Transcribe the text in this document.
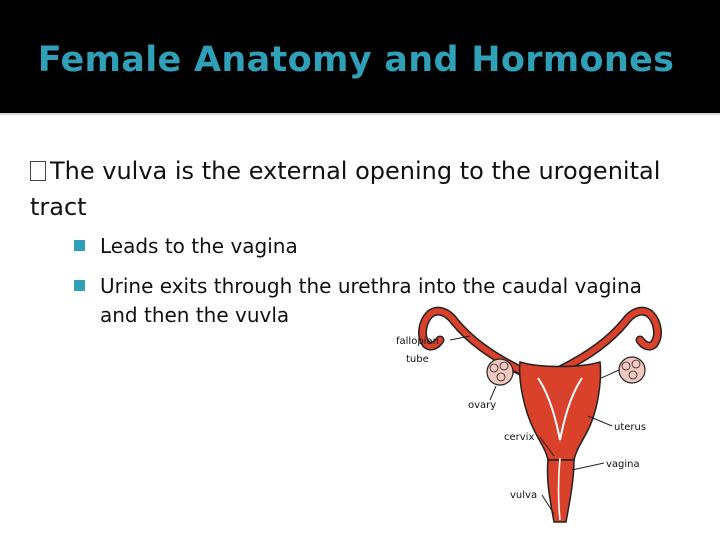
Female Anatomy and Hormones
The vulva is the external opening to the urogenital tract
Leads to the vagina
Urine exits through the urethra into the caudal vagina and then the vuvla
fallopian
tube
ovary
uterus
cervix
vagina
vulva
